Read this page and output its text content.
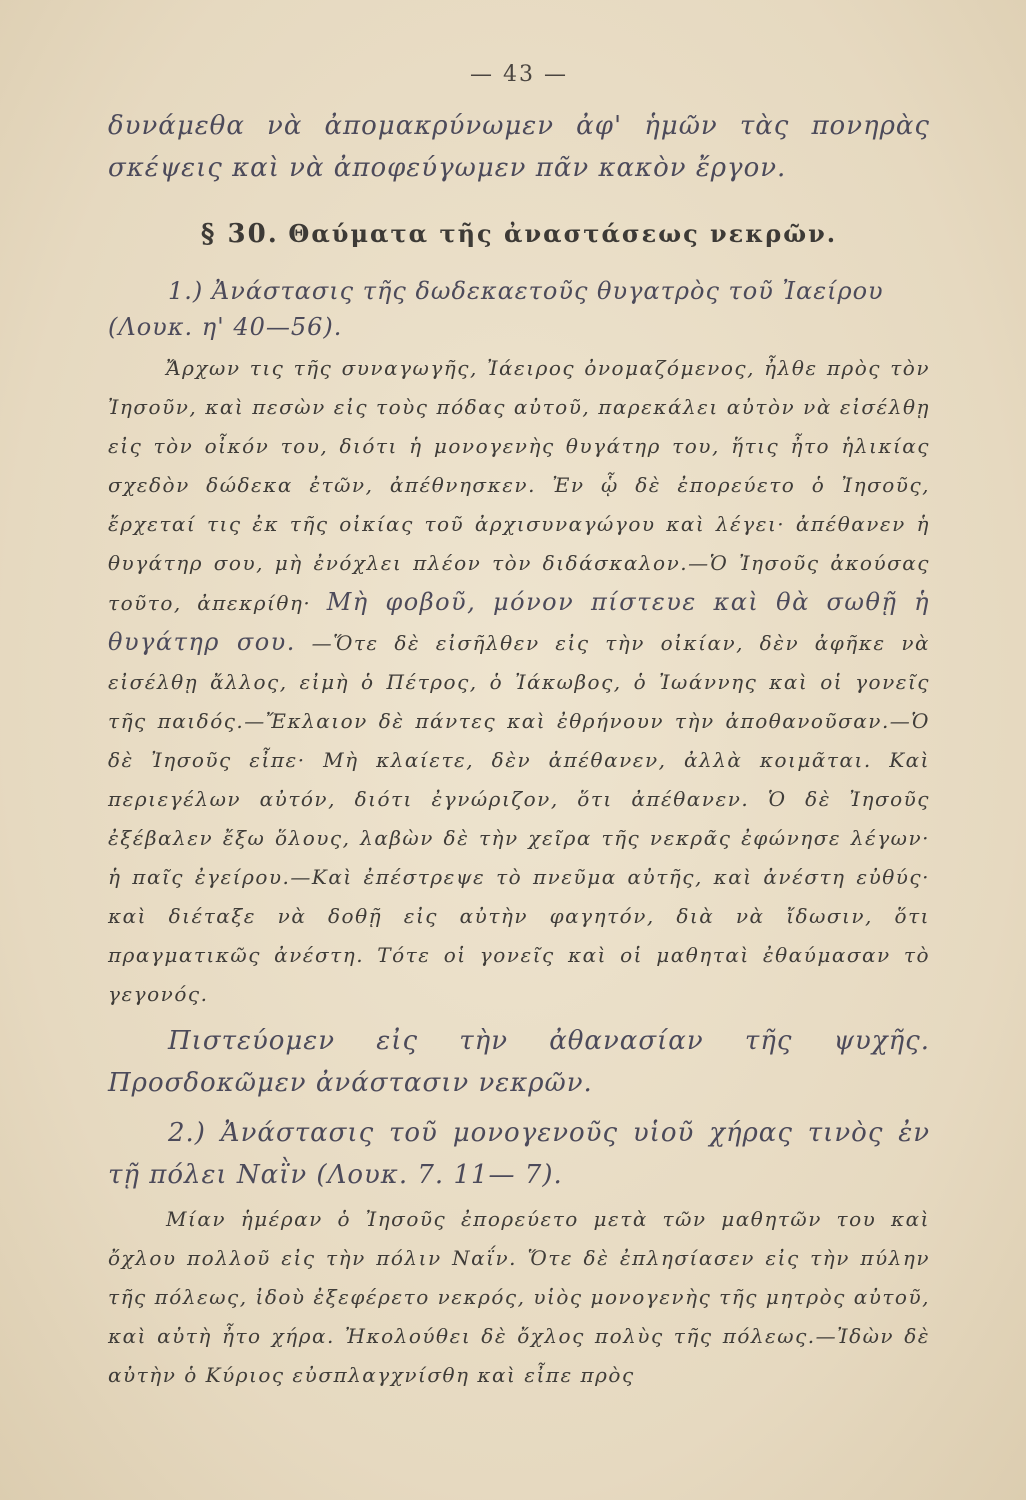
— 43 —

δυνάμεθα νὰ ἀπομακρύνωμεν ἀφ' ἡμῶν τὰς πονηρὰς σκέψεις καὶ νὰ ἀποφεύγωμεν πᾶν κακὸν ἔργον.

§ 30. Θαύματα τῆς ἀναστάσεως νεκρῶν.

1.) Ἀνάστασις τῆς δωδεκαετοῦς θυγατρὸς τοῦ Ἰαείρου (Λουκ. η' 40—56).

Ἄρχων τις τῆς συναγωγῆς, Ἰάειρος ὀνομαζόμενος, ἦλθε πρὸς τὸν Ἰησοῦν, καὶ πεσὼν εἰς τοὺς πόδας αὐτοῦ, παρεκάλει αὐτὸν νὰ εἰσέλθῃ εἰς τὸν οἶκόν του, διότι ἡ μονογενὴς θυγάτηρ του, ἥτις ἦτο ἡλικίας σχεδὸν δώδεκα ἐτῶν, ἀπέθνησκεν. Ἐν ᾧ δὲ ἐπορεύετο ὁ Ἰησοῦς, ἔρχεταί τις ἐκ τῆς οἰκίας τοῦ ἀρχισυναγώγου καὶ λέγει· ἀπέθανεν ἡ θυγάτηρ σου, μὴ ἐνόχλει πλέον τὸν διδάσκαλον.—Ὁ Ἰησοῦς ἀκούσας τοῦτο, ἀπεκρίθη· Μὴ φοβοῦ, μόνον πίστευε καὶ θὰ σωθῇ ἡ θυγάτηρ σου. —Ὅτε δὲ εἰσῆλθεν εἰς τὴν οἰκίαν, δὲν ἀφῆκε νὰ εἰσέλθῃ ἄλλος, εἰμὴ ὁ Πέτρος, ὁ Ἰάκωβος, ὁ Ἰωάννης καὶ οἱ γονεῖς τῆς παιδός.—Ἔκλαιον δὲ πάντες καὶ ἐθρήνουν τὴν ἀποθανοῦσαν.—Ὁ δὲ Ἰησοῦς εἶπε· Μὴ κλαίετε, δὲν ἀπέθανεν, ἀλλὰ κοιμᾶται. Καὶ περιεγέλων αὐτόν, διότι ἐγνώριζον, ὅτι ἀπέθανεν. Ὁ δὲ Ἰησοῦς ἐξέβαλεν ἔξω ὅλους, λαβὼν δὲ τὴν χεῖρα τῆς νεκρᾶς ἐφώνησε λέγων· ἡ παῖς ἐγείρου.—Καὶ ἐπέστρεψε τὸ πνεῦμα αὐτῆς, καὶ ἀνέστη εὐθύς· καὶ διέταξε νὰ δοθῇ εἰς αὐτὴν φαγητόν, διὰ νὰ ἴδωσιν, ὅτι πραγματικῶς ἀνέστη. Τότε οἱ γονεῖς καὶ οἱ μαθηταὶ ἐθαύμασαν τὸ γεγονός.

Πιστεύομεν εἰς τὴν ἀθανασίαν τῆς ψυχῆς. Προσδοκῶμεν ἀνάστασιν νεκρῶν.

2.) Ἀνάστασις τοῦ μονογενοῦς υἱοῦ χήρας τινὸς ἐν τῇ πόλει Ναῒν (Λουκ. 7. 11— 7).

Μίαν ἡμέραν ὁ Ἰησοῦς ἐπορεύετο μετὰ τῶν μαθητῶν του καὶ ὄχλου πολλοῦ εἰς τὴν πόλιν Ναΐν. Ὅτε δὲ ἐπλησίασεν εἰς τὴν πύλην τῆς πόλεως, ἰδοὺ ἐξεφέρετο νεκρός, υἱὸς μονογενὴς τῆς μητρὸς αὐτοῦ, καὶ αὐτὴ ἦτο χήρα. Ἠκολούθει δὲ ὄχλος πολὺς τῆς πόλεως.—Ἰδὼν δὲ αὐτὴν ὁ Κύριος εὐσπλαγχνίσθη καὶ εἶπε πρὸς
